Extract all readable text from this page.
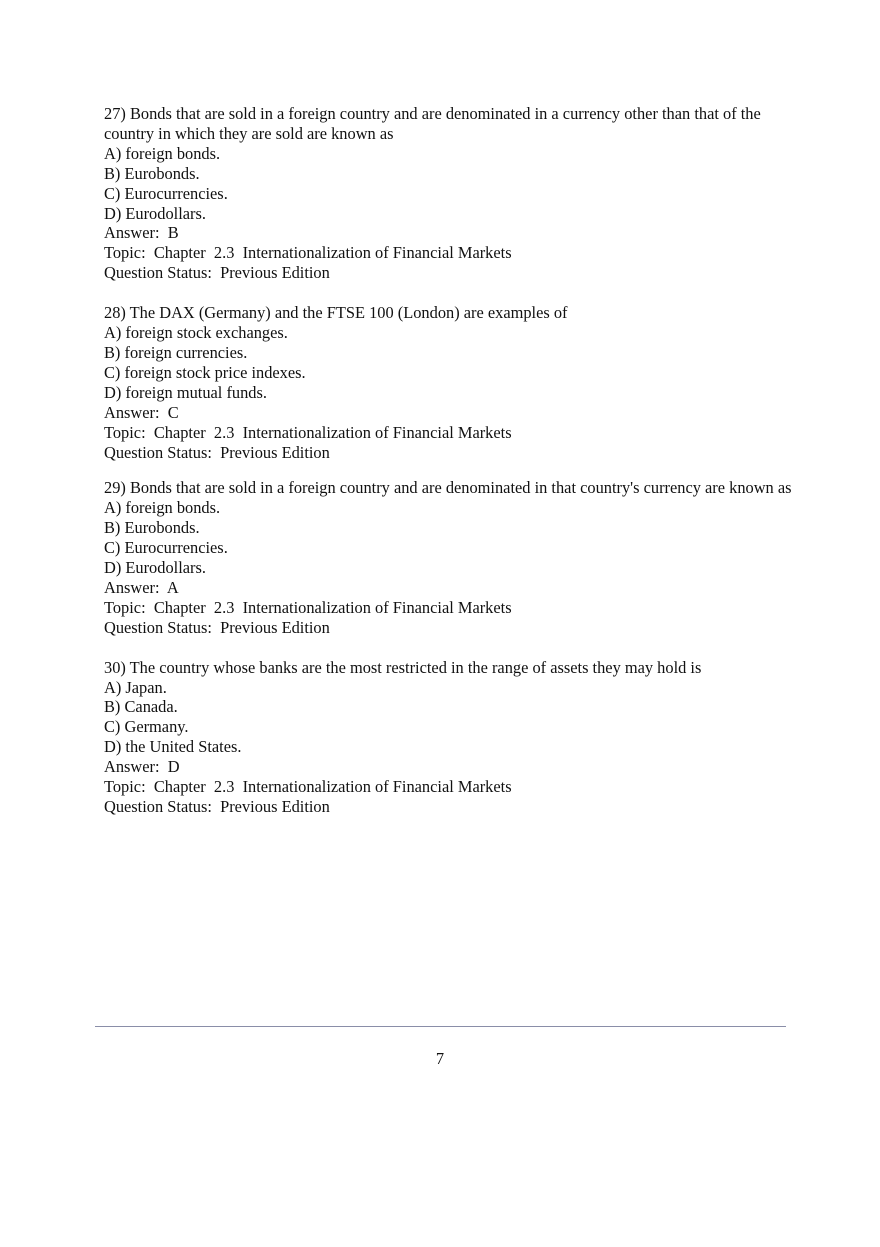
27) Bonds that are sold in a foreign country and are denominated in a currency other than that of the country in which they are sold are known as
A) foreign bonds.
B) Eurobonds.
C) Eurocurrencies.
D) Eurodollars.
Answer:  B
Topic:  Chapter  2.3  Internationalization of Financial Markets
Question Status:  Previous Edition
28) The DAX (Germany) and the FTSE 100 (London) are examples of
A) foreign stock exchanges.
B) foreign currencies.
C) foreign stock price indexes.
D) foreign mutual funds.
Answer:  C
Topic:  Chapter  2.3  Internationalization of Financial Markets
Question Status:  Previous Edition
29) Bonds that are sold in a foreign country and are denominated in that country's currency are known as
A) foreign bonds.
B) Eurobonds.
C) Eurocurrencies.
D) Eurodollars.
Answer:  A
Topic:  Chapter  2.3  Internationalization of Financial Markets
Question Status:  Previous Edition
30) The country whose banks are the most restricted in the range of assets they may hold is
A) Japan.
B) Canada.
C) Germany.
D) the United States.
Answer:  D
Topic:  Chapter  2.3  Internationalization of Financial Markets
Question Status:  Previous Edition
7
